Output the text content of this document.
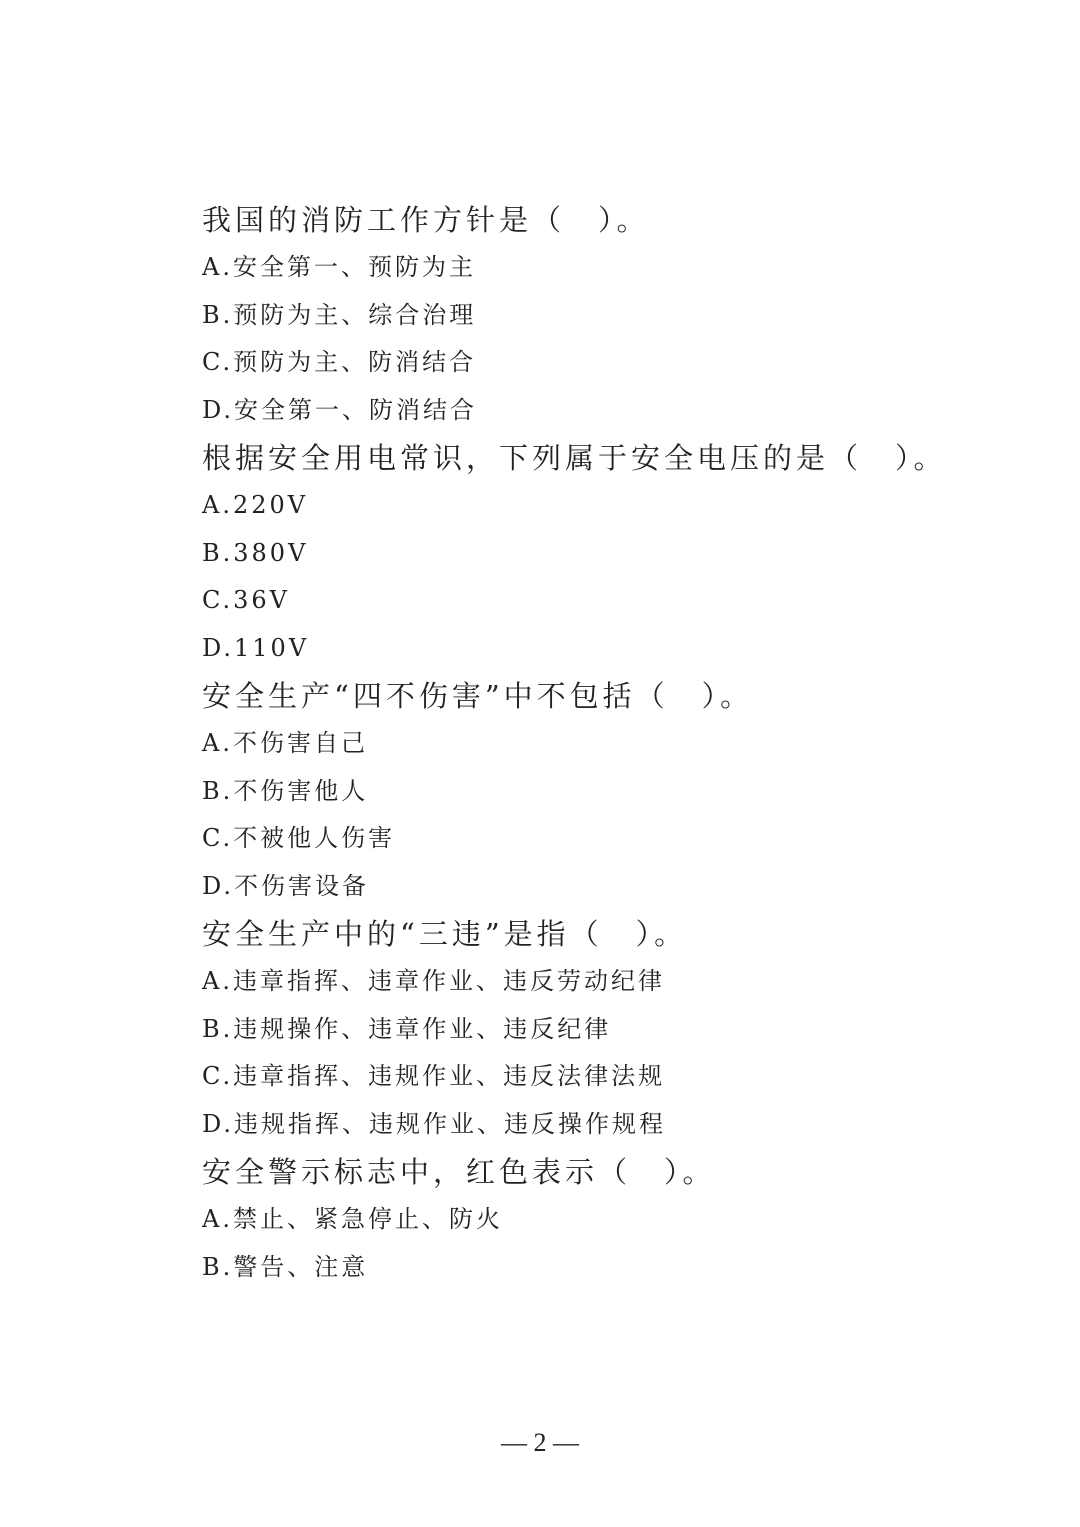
我国的消防工作方针是（　）。
A.安全第一、预防为主
B.预防为主、综合治理
C.预防为主、防消结合
D.安全第一、防消结合
根据安全用电常识，下列属于安全电压的是（　）。
A.220V
B.380V
C.36V
D.110V
安全生产“四不伤害”中不包括（　）。
A.不伤害自己
B.不伤害他人
C.不被他人伤害
D.不伤害设备
安全生产中的“三违”是指（　）。
A.违章指挥、违章作业、违反劳动纪律
B.违规操作、违章作业、违反纪律
C.违章指挥、违规作业、违反法律法规
D.违规指挥、违规作业、违反操作规程
安全警示标志中，红色表示（　）。
A.禁止、紧急停止、防火
B.警告、注意
— 2 —
